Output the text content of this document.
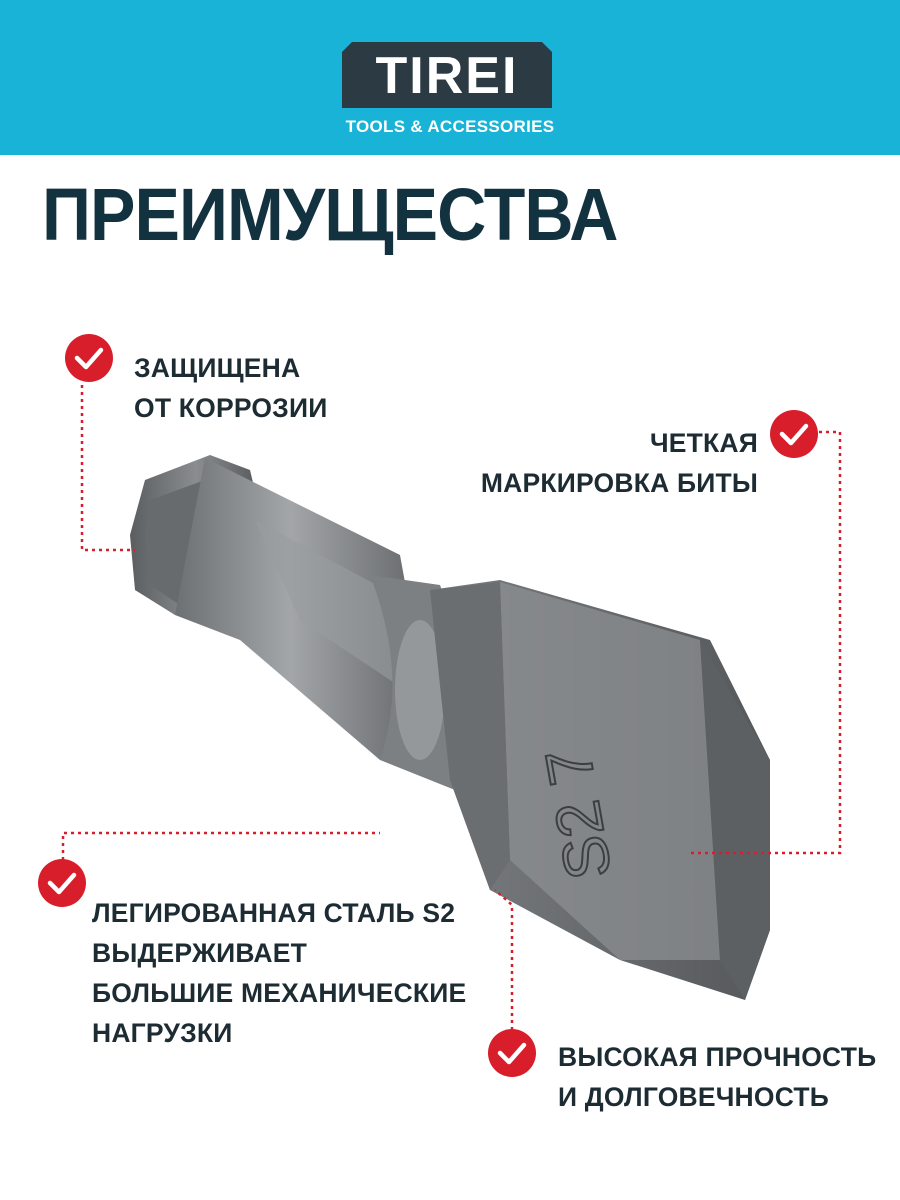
TIREI
TOOLS & ACCESSORIES
ПРЕИМУЩЕСТВА
S2 7
ЗАЩИЩЕНА
ОТ КОРРОЗИИ
ЧЕТКАЯ
МАРКИРОВКА БИТЫ
ЛЕГИРОВАННАЯ СТАЛЬ S2
ВЫДЕРЖИВАЕТ
БОЛЬШИЕ МЕХАНИЧЕСКИЕ
НАГРУЗКИ
ВЫСОКАЯ ПРОЧНОСТЬ
И ДОЛГОВЕЧНОСТЬ
